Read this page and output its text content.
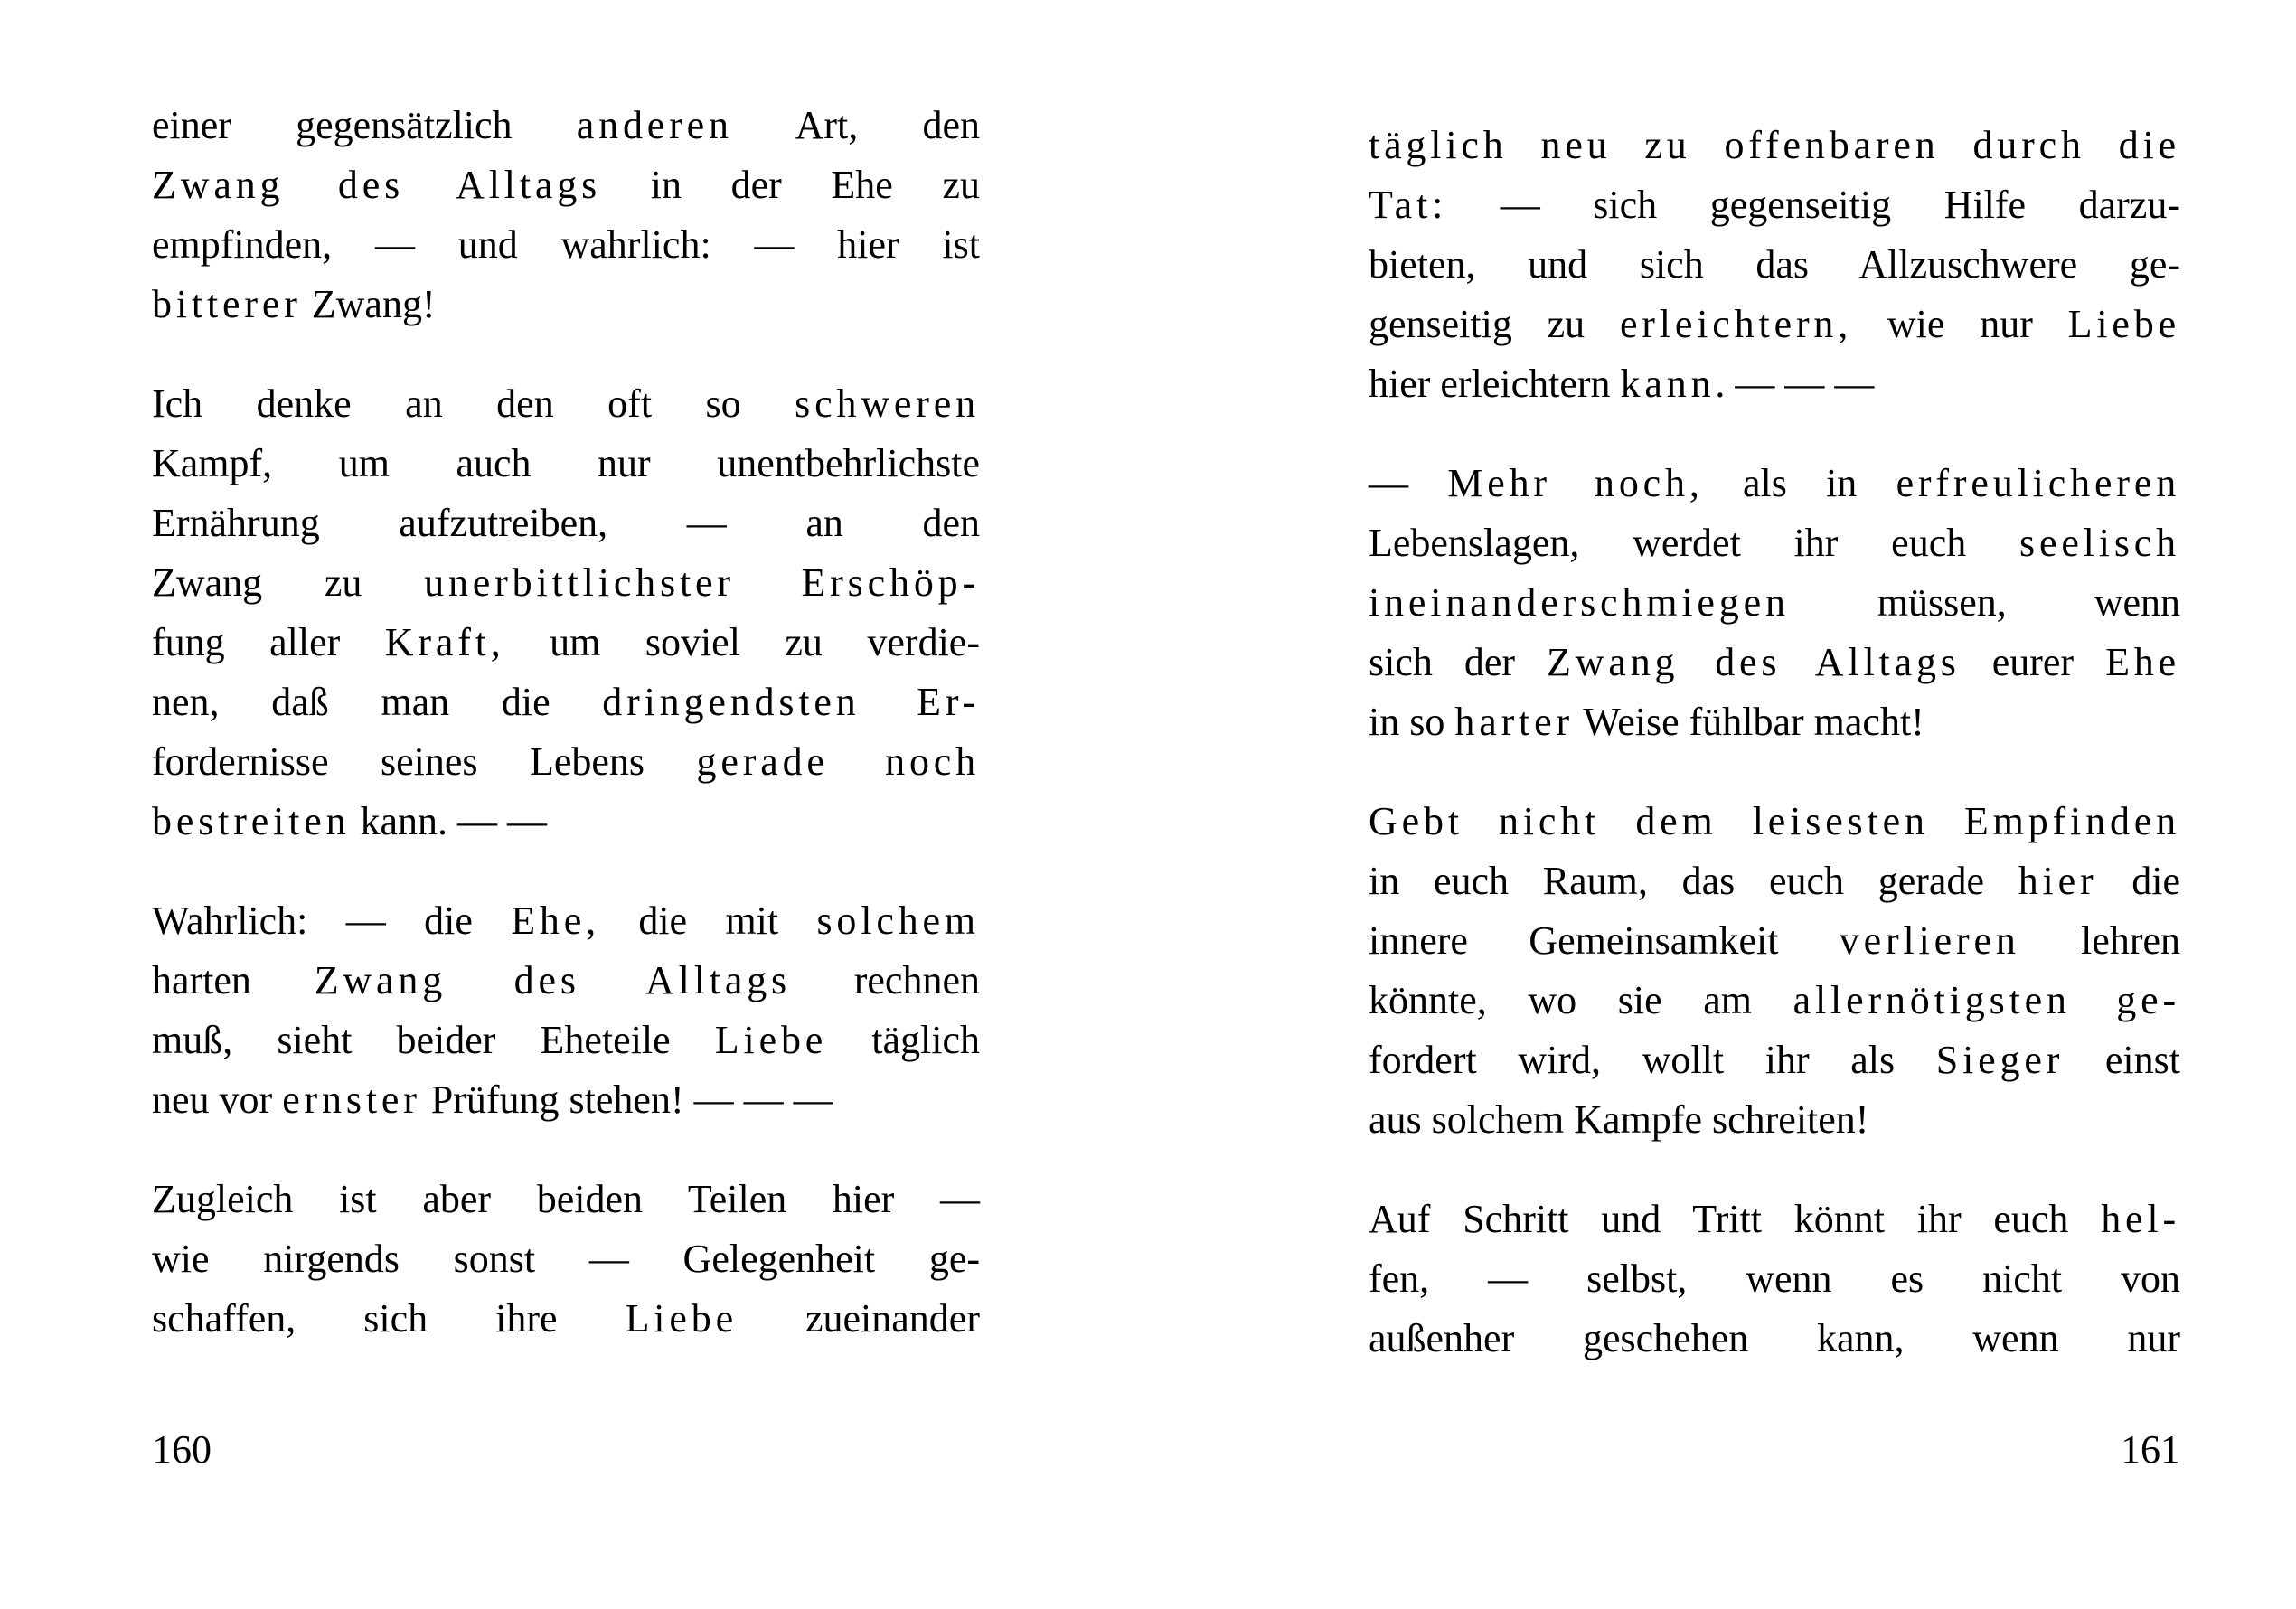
einer gegensätzlich anderen Art, den
Zwang des Alltags in der Ehe zu
empfinden, — und wahrlich: — hier ist
bitterer Zwang!
Ich denke an den oft so schweren
Kampf, um auch nur unentbehrlichste
Ernährung aufzutreiben, — an den
Zwang zu unerbittlichster Erschöp-
fung aller Kraft, um soviel zu verdie-
nen, daß man die dringendsten Er-
fordernisse seines Lebens gerade noch
bestreiten kann. — —
Wahrlich: — die Ehe, die mit solchem
harten Zwang des Alltags rechnen
muß, sieht beider Eheteile Liebe täglich
neu vor ernster Prüfung stehen! — — —
Zugleich ist aber beiden Teilen hier —
wie nirgends sonst — Gelegenheit ge-
schaffen, sich ihre Liebe zueinander
160
täglich neu zu offenbaren durch die
Tat: — sich gegenseitig Hilfe darzu-
bieten, und sich das Allzuschwere ge-
genseitig zu erleichtern, wie nur Liebe
hier erleichtern kann. — — —
— Mehr noch, als in erfreulicheren
Lebenslagen, werdet ihr euch seelisch
ineinanderschmiegen müssen, wenn
sich der Zwang des Alltags eurer Ehe
in so harter Weise fühlbar macht!
Gebt nicht dem leisesten Empfinden
in euch Raum, das euch gerade hier die
innere Gemeinsamkeit verlieren lehren
könnte, wo sie am allernötigsten ge-
fordert wird, wollt ihr als Sieger einst
aus solchem Kampfe schreiten!
Auf Schritt und Tritt könnt ihr euch hel-
fen, — selbst, wenn es nicht von
außenher geschehen kann, wenn nur
161
